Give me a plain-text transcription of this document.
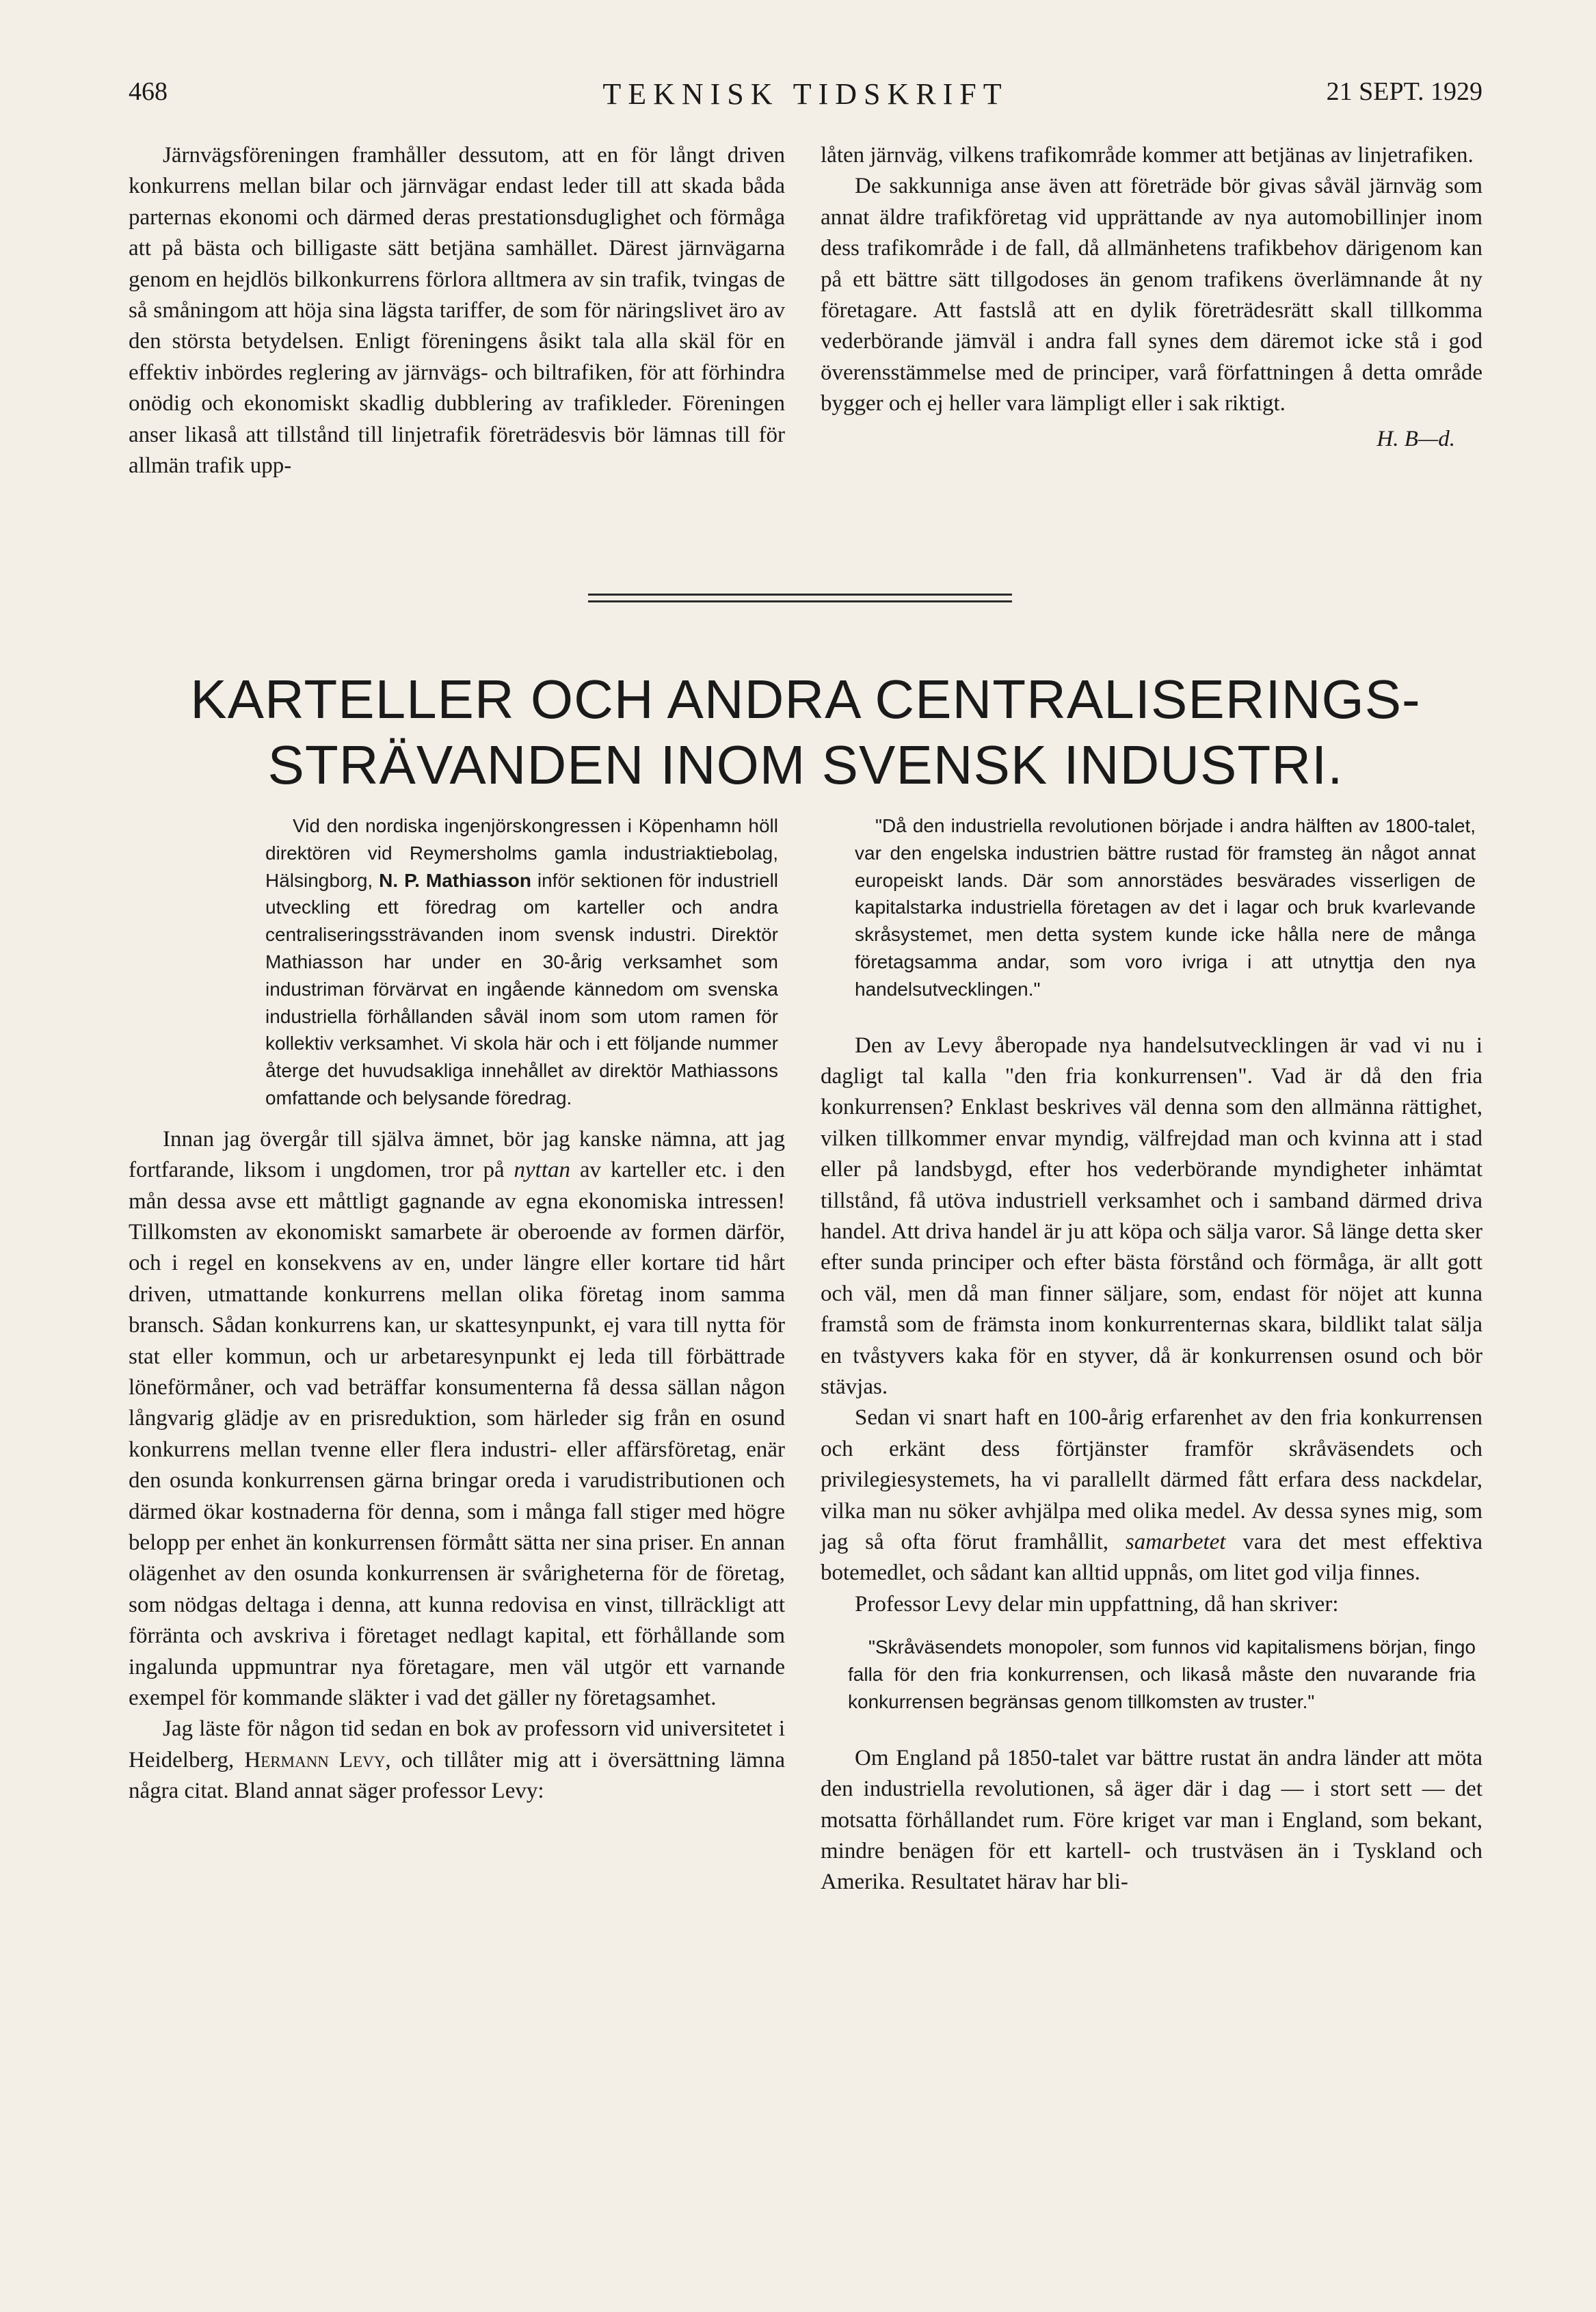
468	TEKNISK TIDSKRIFT	21 SEPT. 1929

Järnvägsföreningen framhåller dessutom, att en för långt driven konkurrens mellan bilar och järnvägar endast leder till att skada båda parternas ekonomi och därmed deras prestationsduglighet och förmåga att på bästa och billigaste sätt betjäna samhället. Därest järnvägarna genom en hejdlös bilkonkurrens förlora alltmera av sin trafik, tvingas de så småningom att höja sina lägsta tariffer, de som för näringslivet äro av den största betydelsen. Enligt föreningens åsikt tala alla skäl för en effektiv inbördes reglering av järnvägs- och biltrafiken, för att förhindra onödig och ekonomiskt skadlig dubblering av trafikleder. Föreningen anser likaså att tillstånd till linjetrafik företrädesvis bör lämnas till för allmän trafik upp-

låten järnväg, vilkens trafikområde kommer att betjänas av linjetrafiken.

De sakkunniga anse även att företräde bör givas såväl järnväg som annat äldre trafikföretag vid upprättande av nya automobillinjer inom dess trafikområde i de fall, då allmänhetens trafikbehov därigenom kan på ett bättre sätt tillgodoses än genom trafikens överlämnande åt ny företagare. Att fastslå att en dylik företrädesrätt skall tillkomma vederbörande jämväl i andra fall synes dem däremot icke stå i god överensstämmelse med de principer, varå författningen å detta område bygger och ej heller vara lämpligt eller i sak riktigt.

H. B—d.
KARTELLER OCH ANDRA CENTRALISERINGS-
STRÄVANDEN INOM SVENSK INDUSTRI.

Vid den nordiska ingenjörskongressen i Köpenhamn höll direktören vid Reymersholms gamla industriaktiebolag, Hälsingborg, N. P. Mathiasson inför sektionen för industriell utveckling ett föredrag om karteller och andra centraliseringssträvanden inom svensk industri. Direktör Mathiasson har under en 30-årig verksamhet som industriman förvärvat en ingående kännedom om svenska industriella förhållanden såväl inom som utom ramen för kollektiv verksamhet. Vi skola här och i ett följande nummer återge det huvudsakliga innehållet av direktör Mathiassons omfattande och belysande föredrag.

Innan jag övergår till själva ämnet, bör jag kanske nämna, att jag fortfarande, liksom i ungdomen, tror på nyttan av karteller etc. i den mån dessa avse ett måttligt gagnande av egna ekonomiska intressen! Tillkomsten av ekonomiskt samarbete är oberoende av formen därför, och i regel en konsekvens av en, under längre eller kortare tid hårt driven, utmattande konkurrens mellan olika företag inom samma bransch. Sådan konkurrens kan, ur skattesynpunkt, ej vara till nytta för stat eller kommun, och ur arbetaresynpunkt ej leda till förbättrade löneförmåner, och vad beträffar konsumenterna få dessa sällan någon långvarig glädje av en prisreduktion, som härleder sig från en osund konkurrens mellan tvenne eller flera industri- eller affärsföretag, enär den osunda konkurrensen gärna bringar oreda i varudistributionen och därmed ökar kostnaderna för denna, som i många fall stiger med högre belopp per enhet än konkurrensen förmått sätta ner sina priser. En annan olägenhet av den osunda konkurrensen är svårigheterna för de företag, som nödgas deltaga i denna, att kunna redovisa en vinst, tillräckligt att förränta och avskriva i företaget nedlagt kapital, ett förhållande som ingalunda uppmuntrar nya företagare, men väl utgör ett varnande exempel för kommande släkter i vad det gäller ny företagsamhet.

Jag läste för någon tid sedan en bok av professorn vid universitetet i Heidelberg, Hermann Levy, och tillåter mig att i översättning lämna några citat. Bland annat säger professor Levy:

"Då den industriella revolutionen började i andra hälften av 1800-talet, var den engelska industrien bättre rustad för framsteg än något annat europeiskt lands. Där som annorstädes besvärades visserligen de kapitalstarka industriella företagen av det i lagar och bruk kvarlevande skråsystemet, men detta system kunde icke hålla nere de många företagsamma andar, som voro ivriga i att utnyttja den nya handelsutvecklingen."

Den av Levy åberopade nya handelsutvecklingen är vad vi nu i dagligt tal kalla "den fria konkurrensen". Vad är då den fria konkurrensen? Enklast beskrives väl denna som den allmänna rättighet, vilken tillkommer envar myndig, välfrejdad man och kvinna att i stad eller på landsbygd, efter hos vederbörande myndigheter inhämtat tillstånd, få utöva industriell verksamhet och i samband därmed driva handel. Att driva handel är ju att köpa och sälja varor. Så länge detta sker efter sunda principer och efter bästa förstånd och förmåga, är allt gott och väl, men då man finner säljare, som, endast för nöjet att kunna framstå som de främsta inom konkurrenternas skara, bildlikt talat sälja en tvåstyvers kaka för en styver, då är konkurrensen osund och bör stävjas.

Sedan vi snart haft en 100-årig erfarenhet av den fria konkurrensen och erkänt dess förtjänster framför skråväsendets och privilegiesystemets, ha vi parallellt därmed fått erfara dess nackdelar, vilka man nu söker avhjälpa med olika medel. Av dessa synes mig, som jag så ofta förut framhållit, samarbetet vara det mest effektiva botemedlet, och sådant kan alltid uppnås, om litet god vilja finnes.

Professor Levy delar min uppfattning, då han skriver:

"Skråväsendets monopoler, som funnos vid kapitalismens början, fingo falla för den fria konkurrensen, och likaså måste den nuvarande fria konkurrensen begränsas genom tillkomsten av truster."

Om England på 1850-talet var bättre rustat än andra länder att möta den industriella revolutionen, så äger där i dag — i stort sett — det motsatta förhållandet rum. Före kriget var man i England, som bekant, mindre benägen för ett kartell- och trustväsen än i Tyskland och Amerika. Resultatet härav har bli-
